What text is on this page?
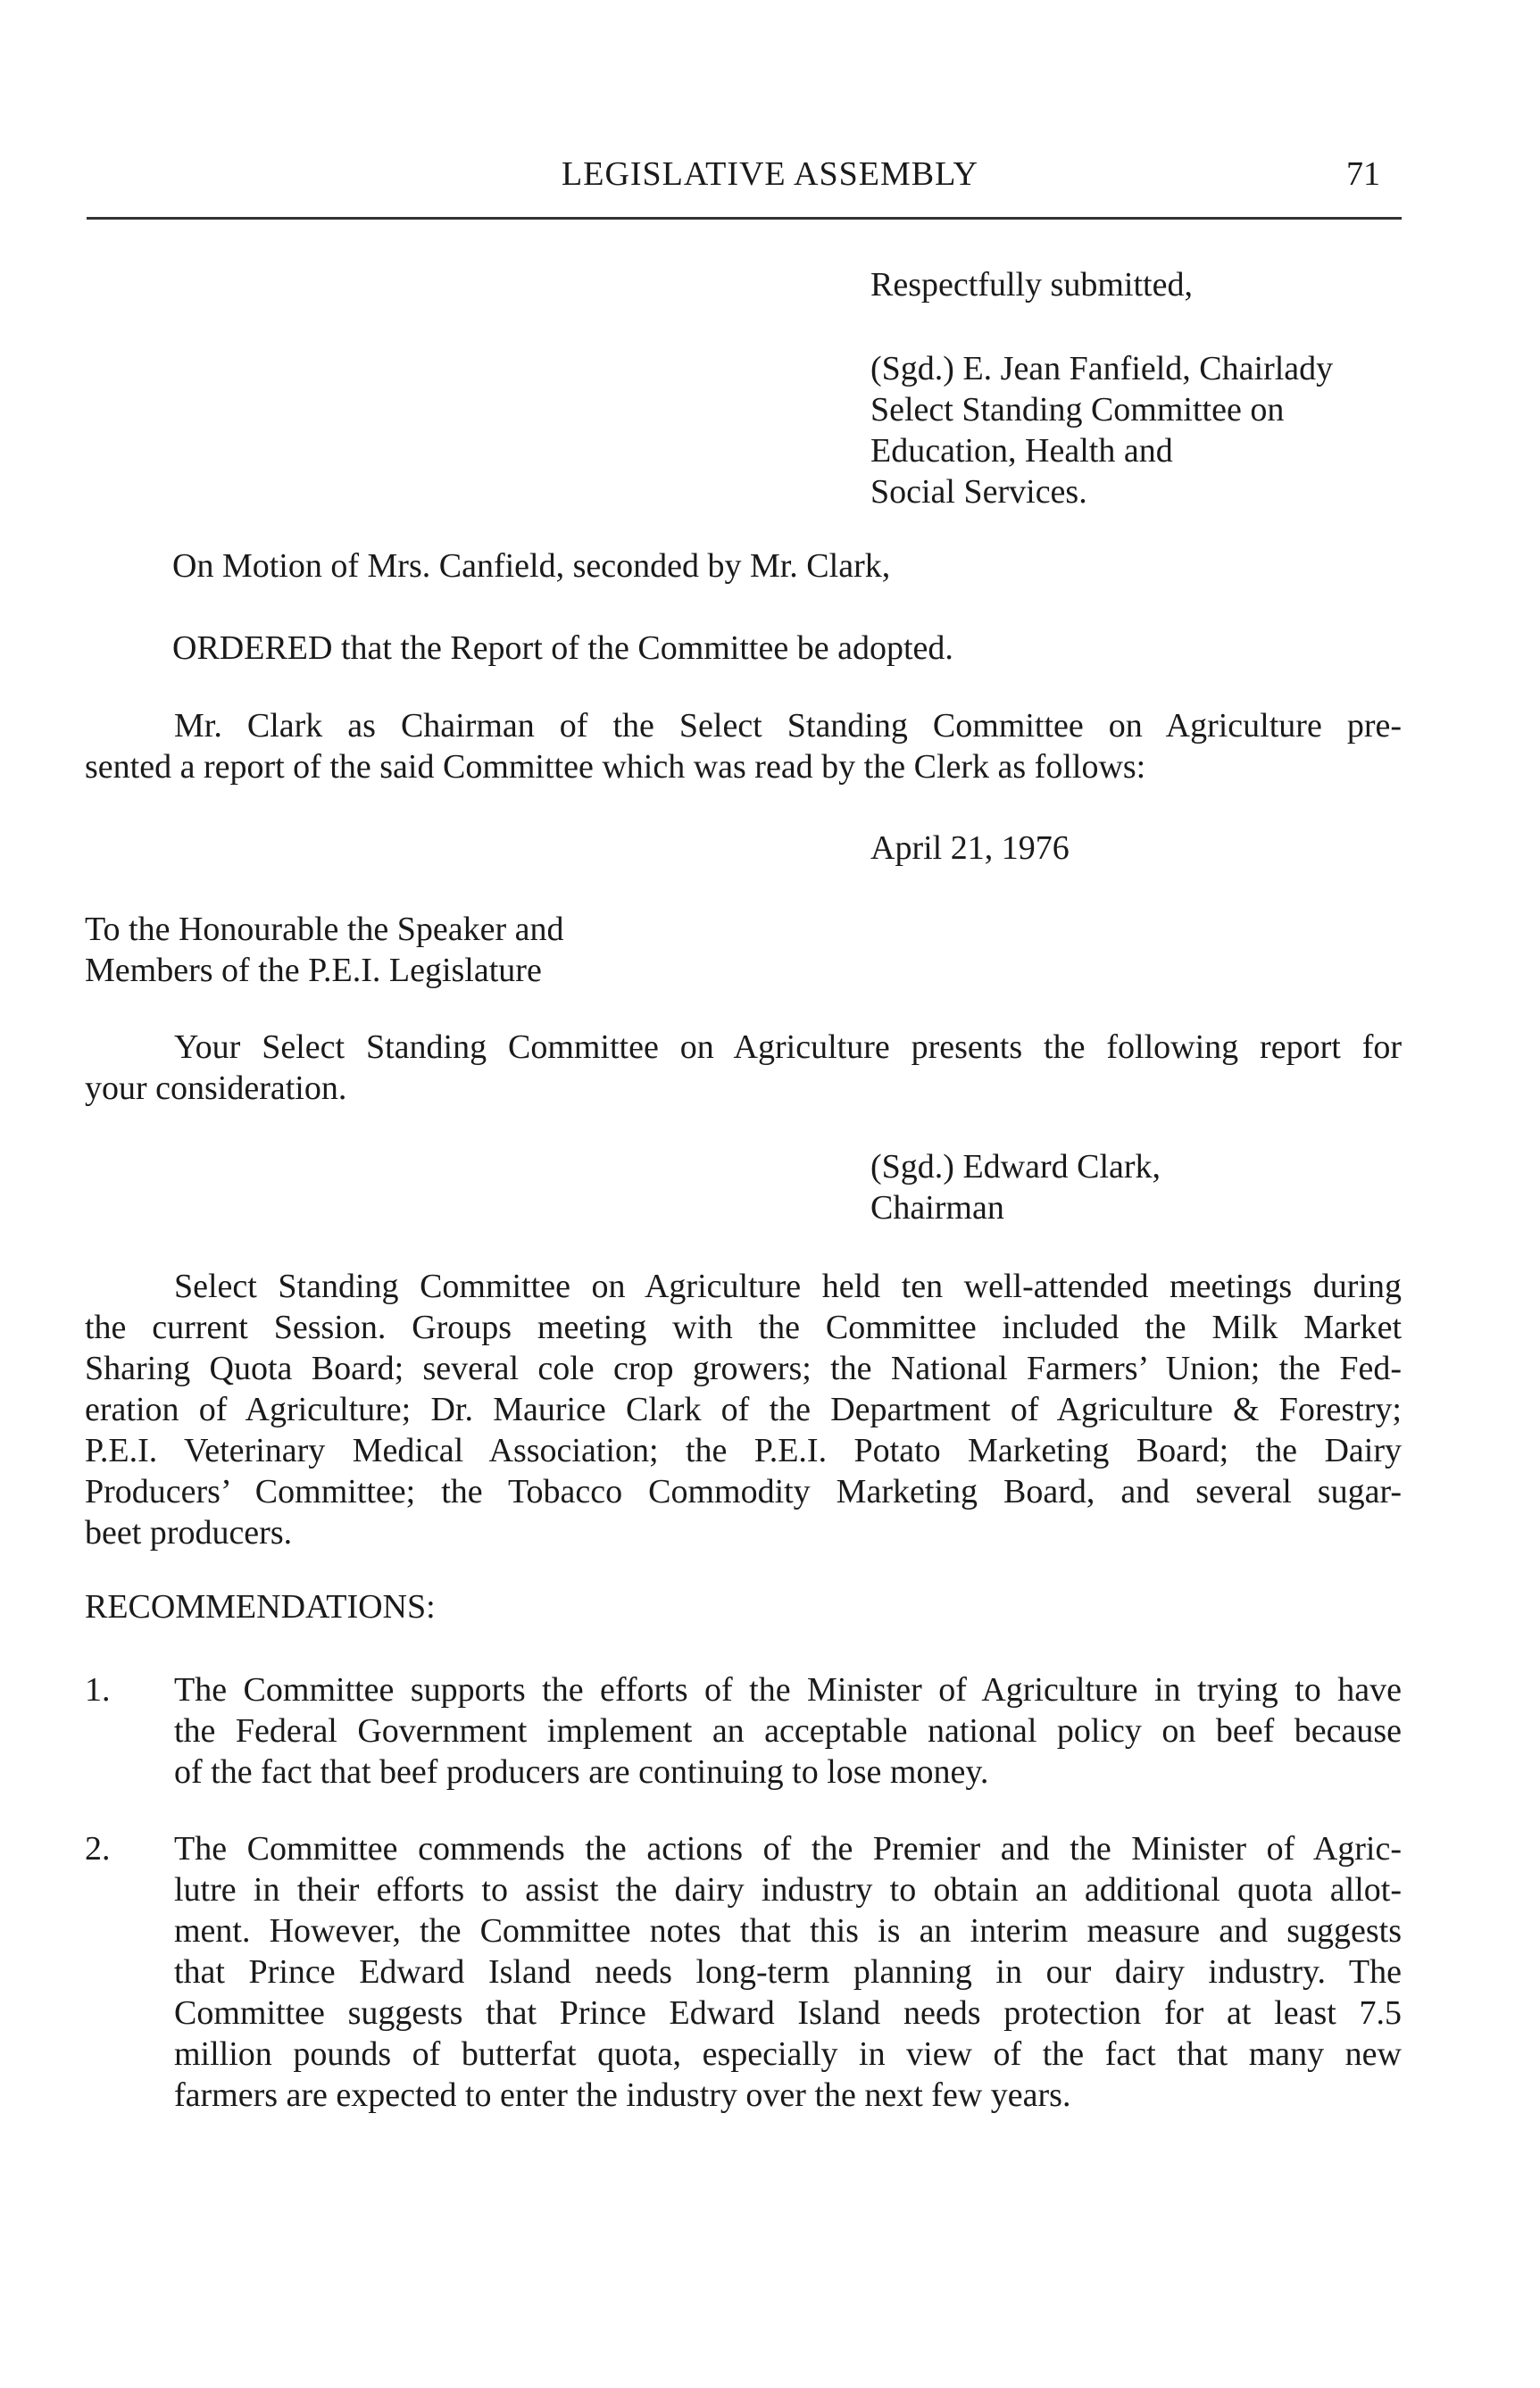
LEGISLATIVE ASSEMBLY	71

Respectfully submitted,

(Sgd.) E. Jean Fanfield, Chairlady

Select Standing Committee on

Education, Health and

Social Services.

On Motion of Mrs. Canfield, seconded by Mr. Clark,

ORDERED that the Report of the Committee be adopted.

Mr. Clark as Chairman of the Select Standing Committee on Agriculture pre-
sented a report of the said Committee which was read by the Clerk as follows:

April 21, 1976

To the Honourable the Speaker and

Members of the P.E.I. Legislature

Your Select Standing Committee on Agriculture presents the following report for
your consideration.

(Sgd.) Edward Clark,

Chairman

Select Standing Committee on Agriculture held ten well-attended meetings during
the current Session. Groups meeting with the Committee included the Milk Market
Sharing Quota Board; several cole crop growers; the National Farmers’ Union; the Fed-
eration of Agriculture; Dr. Maurice Clark of the Department of Agriculture & Forestry;
P.E.I. Veterinary Medical Association; the P.E.I. Potato Marketing Board; the Dairy
Producers’ Committee; the Tobacco Commodity Marketing Board, and several sugar-
beet producers.

RECOMMENDATIONS:

1. The Committee supports the efforts of the Minister of Agriculture in trying to have
the Federal Government implement an acceptable national policy on beef because
of the fact that beef producers are continuing to lose money.
2. The Committee commends the actions of the Premier and the Minister of Agric-
lutre in their efforts to assist the dairy industry to obtain an additional quota allot-
ment. However, the Committee notes that this is an interim measure and suggests
that Prince Edward Island needs long-term planning in our dairy industry. The
Committee suggests that Prince Edward Island needs protection for at least 7.5
million pounds of butterfat quota, especially in view of the fact that many new
farmers are expected to enter the industry over the next few years.
